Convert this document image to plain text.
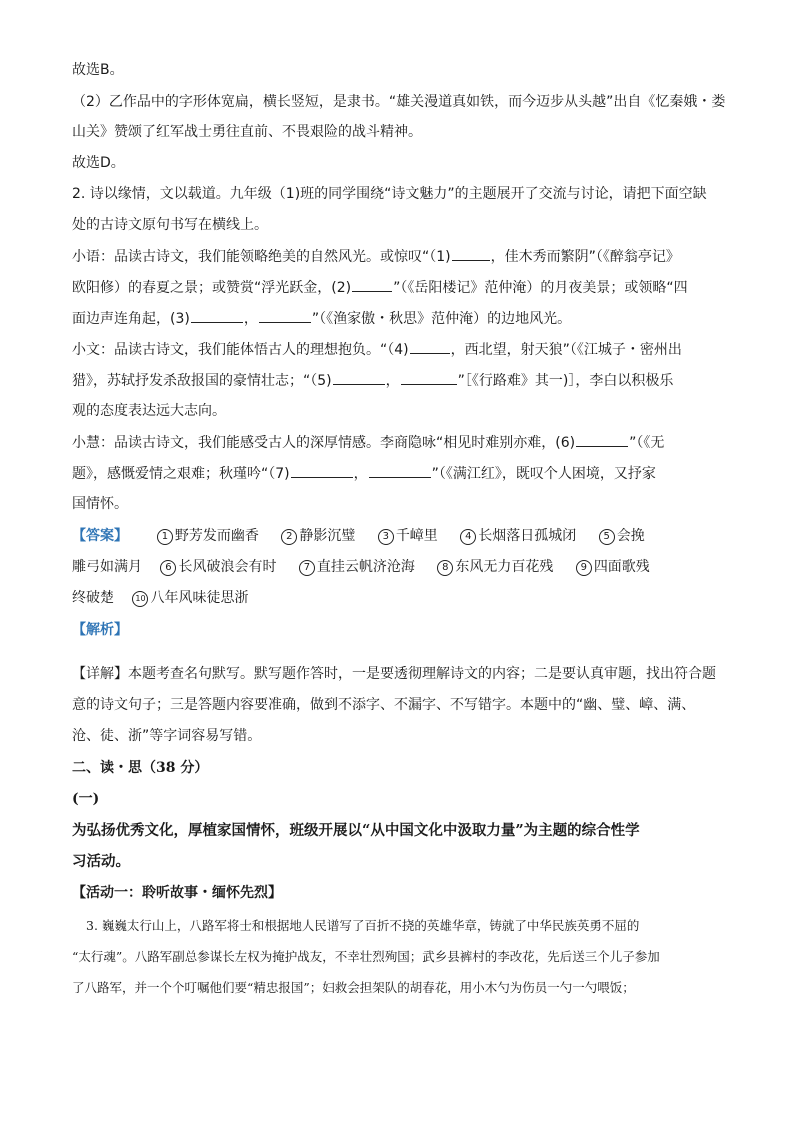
故选B。
（2）乙作品中的字形体宽扁，横长竖短，是隶书。“雄关漫道真如铁，而今迈步从头越”出自《忆秦娥・娄
山关》赞颂了红军战士勇往直前、不畏艰险的战斗精神。
故选D。
2. 诗以缘情，文以载道。九年级（1)班的同学围绕“诗文魅力”的主题展开了交流与讨论，请把下面空缺
处的古诗文原句书写在横线上。
小语：品读古诗文，我们能领略绝美的自然风光。或惊叹“（1)	，佳木秀而繁阴”（《醉翁亭记》
欧阳修）的春夏之景；或赞赏“浮光跃金，(2)	”（《岳阳楼记》范仲淹）的月夜美景；或领略“四
面边声连角起，(3)	，	”（《渔家傲・秋思》范仲淹）的边地风光。
小文：品读古诗文，我们能体悟古人的理想抱负。“（4)	，西北望，射天狼”（《江城子・密州出
猎》，苏轼抒发杀敌报国的豪情壮志；“（5)	，	”［《行路难》其一)］，李白以积极乐
观的态度表达远大志向。
小慧：品读古诗文，我们能感受古人的深厚情感。李商隐咏“相见时难别亦难，(6)	”（《无
题》，感慨爱情之艰难；秋瑾吟“（7)	，	”（《满江红》，既叹个人困境，又抒家
国情怀。
【答案】	1 野芳发而幽香	2 静影沉璧	3 千嶂里	4 长烟落日孤城闭	5 会挽
雕弓如满月 6 长风破浪会有时	7 直挂云帆济沧海	8 东风无力百花残	9 四面歌残
终破楚	10 八年风味徒思浙
【解析】
【详解】本题考查名句默写。默写题作答时，一是要透彻理解诗文的内容；二是要认真审题，找出符合题
意的诗文句子；三是答题内容要准确，做到不添字、不漏字、不写错字。本题中的“幽、璧、嶂、满、
沧、徒、浙”等字词容易写错。
二、读・思（38 分）
(一)
为弘扬优秀文化，厚植家国情怀，班级开展以“从中国文化中汲取力量”为主题的综合性学
习活动。
【活动一：聆听故事・缅怀先烈】
3. 巍巍太行山上，八路军将士和根据地人民谱写了百折不挠的英雄华章，铸就了中华民族英勇不屈的
“太行魂”。八路军副总参谋长左权为掩护战友，不幸壮烈殉国；武乡县裤村的李改花，先后送三个儿子参加
了八路军，并一个个叮嘱他们要“精忠报国”；妇救会担架队的胡春花，用小木勺为伤员一勺一勺喂饭；
